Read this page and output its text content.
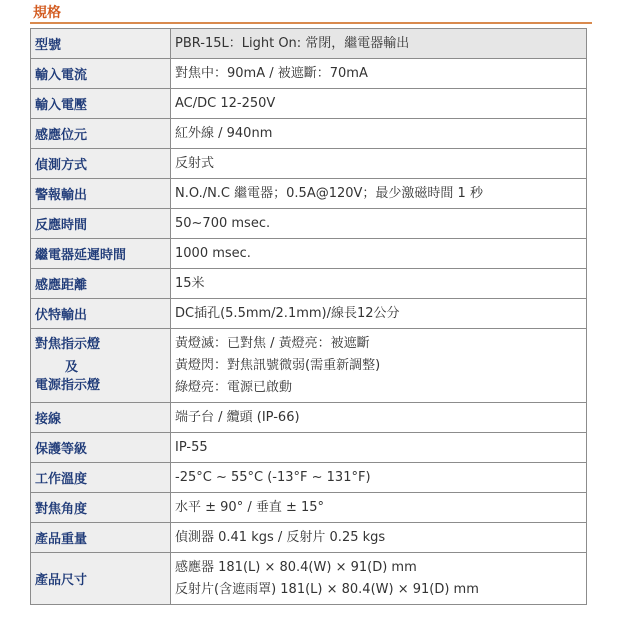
規格
型號	PBR-15L：Light On: 常閉，繼電器輸出
輸入電流	對焦中：90mA / 被遮斷：70mA
輸入電壓	AC/DC 12-250V
感應位元	紅外線 / 940nm
偵測方式	反射式
警報輸出	N.O./N.C 繼電器；0.5A@120V；最少激磁時間 1 秒
反應時間	50~700 msec.
繼電器延遲時間	1000 msec.
感應距離	15米
伏特輸出	DC插孔(5.5mm/2.1mm)/線長12公分

對焦指示燈
及
電源指示燈	黃燈滅：已對焦 / 黃燈亮：被遮斷
黃燈閃：對焦訊號微弱(需重新調整)
綠燈亮：電源已啟動

接線	端子台 / 纜頭 (IP-66)
保護等級	IP-55
工作溫度	-25°C ~ 55°C (-13°F ~ 131°F)
對焦角度	水平 ± 90° / 垂直 ± 15°
產品重量	偵測器 0.41 kgs / 反射片 0.25 kgs
產品尺寸	感應器 181(L) × 80.4(W) × 91(D) mm
反射片(含遮雨罩) 181(L) × 80.4(W) × 91(D) mm
